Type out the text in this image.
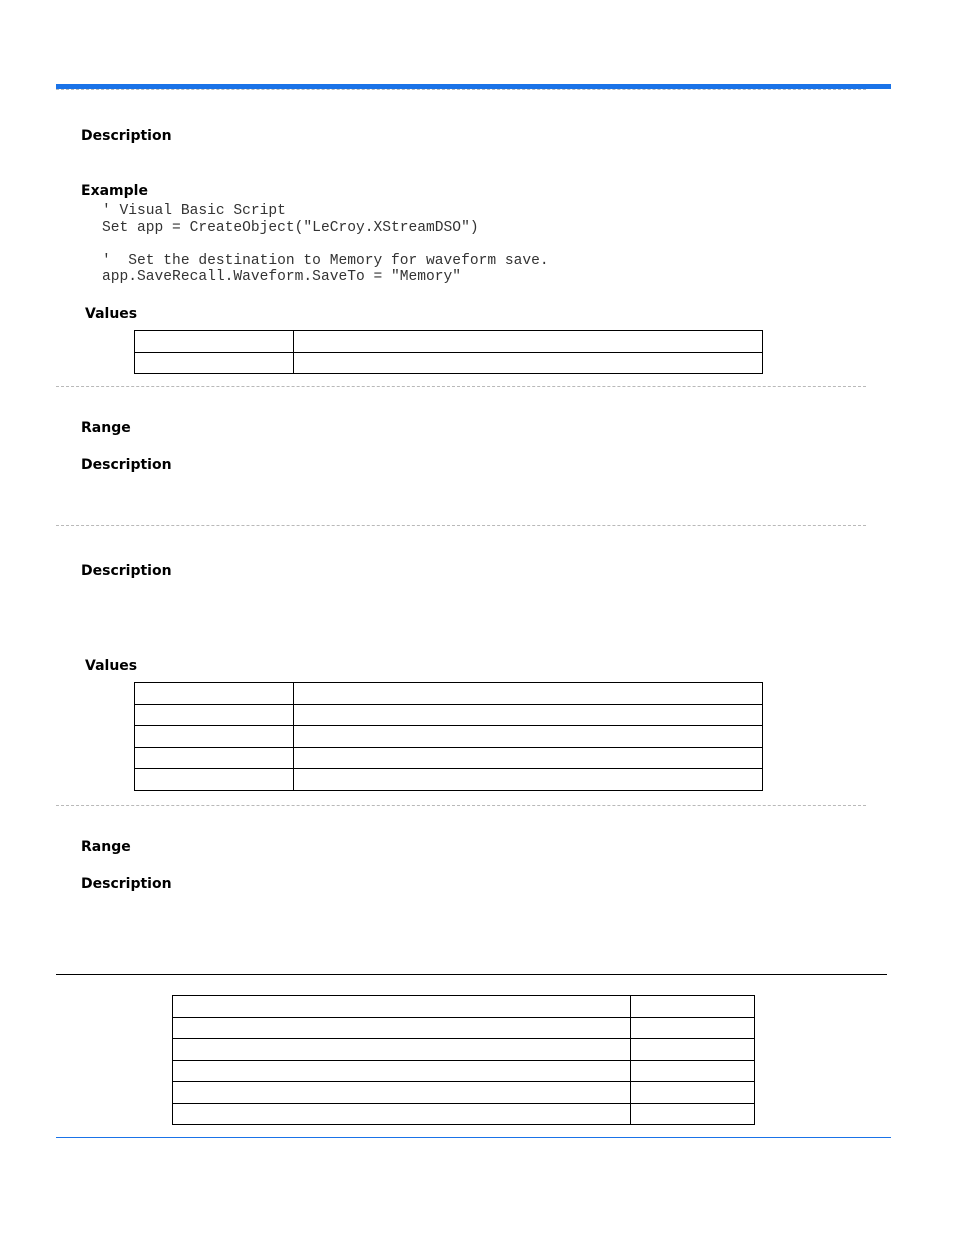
Description
Example
' Visual Basic Script
Set app = CreateObject("LeCroy.XStreamDSO")

'  Set the destination to Memory for waveform save.
app.SaveRecall.Waveform.SaveTo = "Memory"
Values

Range
Description
Description
Values

Range
Description
